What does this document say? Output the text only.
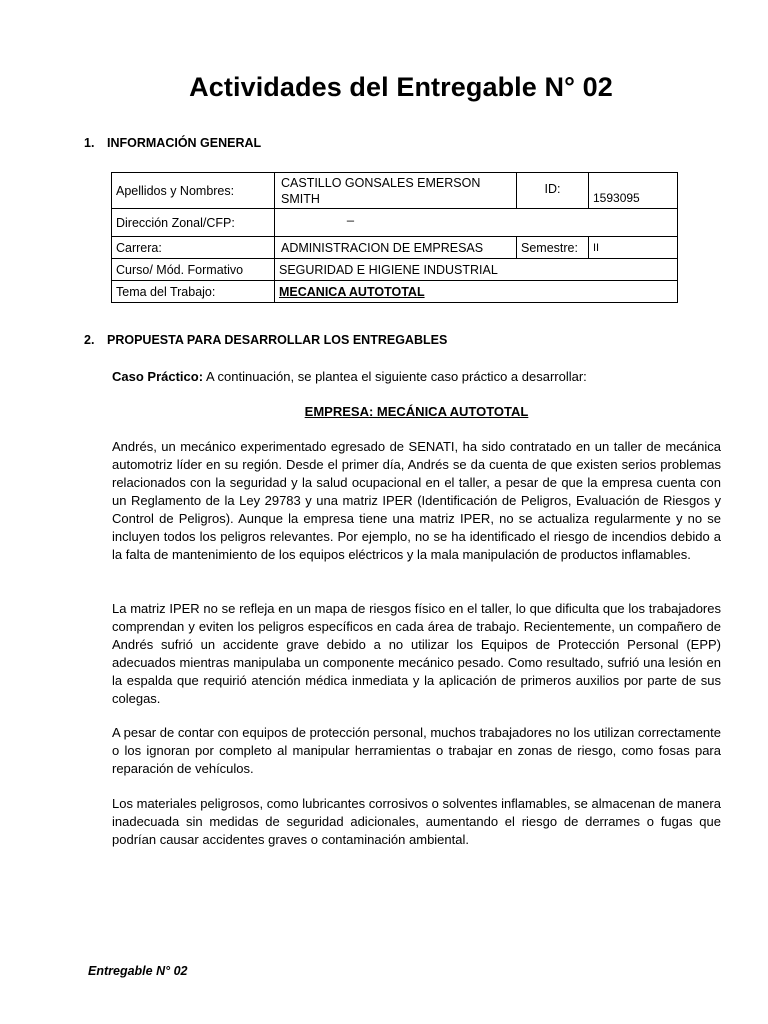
Actividades del Entregable N° 02
1. INFORMACIÓN GENERAL
Apellidos y Nombres:	CASTILLO GONSALES EMERSON SMITH	ID:	1593095
Dirección Zonal/CFP:	_		
Carrera:	ADMINISTRACION DE EMPRESAS	Semestre:	II
Curso/ Mód. Formativo	SEGURIDAD E HIGIENE INDUSTRIAL		
Tema del Trabajo:	MECANICA AUTOTOTAL		
2. PROPUESTA PARA DESARROLLAR LOS ENTREGABLES
Caso Práctico: A continuación, se plantea el siguiente caso práctico a desarrollar:
EMPRESA: MECÁNICA AUTOTOTAL
Andrés, un mecánico experimentado egresado de SENATI, ha sido contratado en un taller de mecánica automotriz líder en su región. Desde el primer día, Andrés se da cuenta de que existen serios problemas relacionados con la seguridad y la salud ocupacional en el taller, a pesar de que la empresa cuenta con un Reglamento de la Ley 29783 y una matriz IPER (Identificación de Peligros, Evaluación de Riesgos y Control de Peligros). Aunque la empresa tiene una matriz IPER, no se actualiza regularmente y no se incluyen todos los peligros relevantes. Por ejemplo, no se ha identificado el riesgo de incendios debido a la falta de mantenimiento de los equipos eléctricos y la mala manipulación de productos inflamables.
La matriz IPER no se refleja en un mapa de riesgos físico en el taller, lo que dificulta que los trabajadores comprendan y eviten los peligros específicos en cada área de trabajo. Recientemente, un compañero de Andrés sufrió un accidente grave debido a no utilizar los Equipos de Protección Personal (EPP) adecuados mientras manipulaba un componente mecánico pesado. Como resultado, sufrió una lesión en la espalda que requirió atención médica inmediata y la aplicación de primeros auxilios por parte de sus colegas.
A pesar de contar con equipos de protección personal, muchos trabajadores no los utilizan correctamente o los ignoran por completo al manipular herramientas o trabajar en zonas de riesgo, como fosas para reparación de vehículos.
Los materiales peligrosos, como lubricantes corrosivos o solventes inflamables, se almacenan de manera inadecuada sin medidas de seguridad adicionales, aumentando el riesgo de derrames o fugas que podrían causar accidentes graves o contaminación ambiental.
Entregable N° 02
